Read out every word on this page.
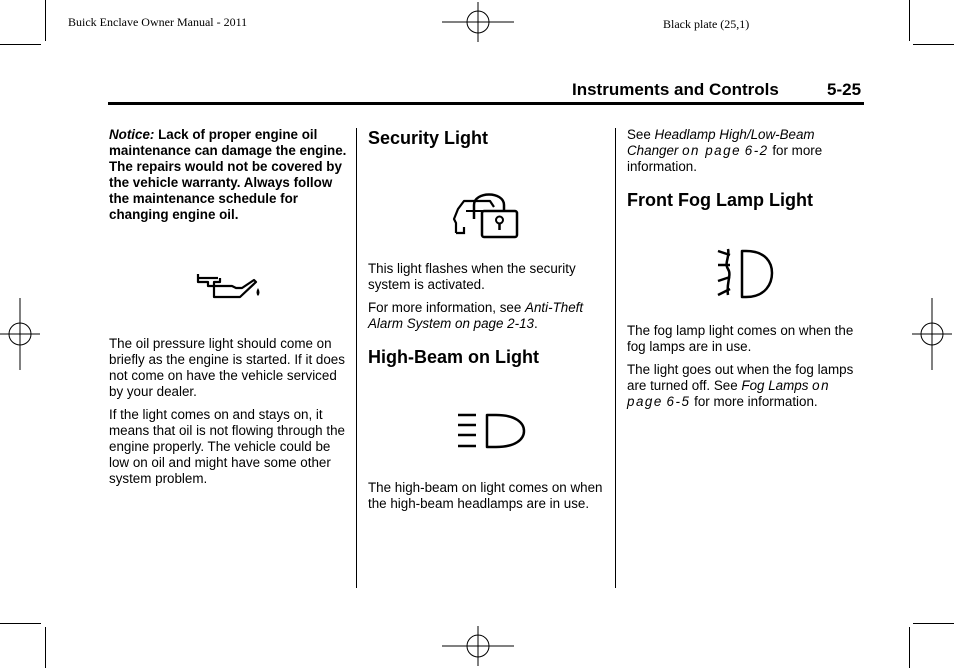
Buick Enclave Owner Manual - 2011	Black plate (25,1)
Instruments and Controls	5-25

Notice: Lack of proper engine oil maintenance can damage the engine. The repairs would not be covered by the vehicle warranty. Always follow the maintenance schedule for changing engine oil.

The oil pressure light should come on briefly as the engine is started. If it does not come on have the vehicle serviced by your dealer.

If the light comes on and stays on, it means that oil is not flowing through the engine properly. The vehicle could be low on oil and might have some other system problem.

Security Light

This light flashes when the security system is activated.

For more information, see Anti-Theft Alarm System on page 2-13.

High-Beam on Light

The high-beam on light comes on when the high-beam headlamps are in use.

See Headlamp High/Low-Beam
Changer on page 6-2 for more information.

Front Fog Lamp Light

The fog lamp light comes on when the fog lamps are in use.

The light goes out when the fog lamps are turned off. See Fog Lamps on page 6-5 for more information.
